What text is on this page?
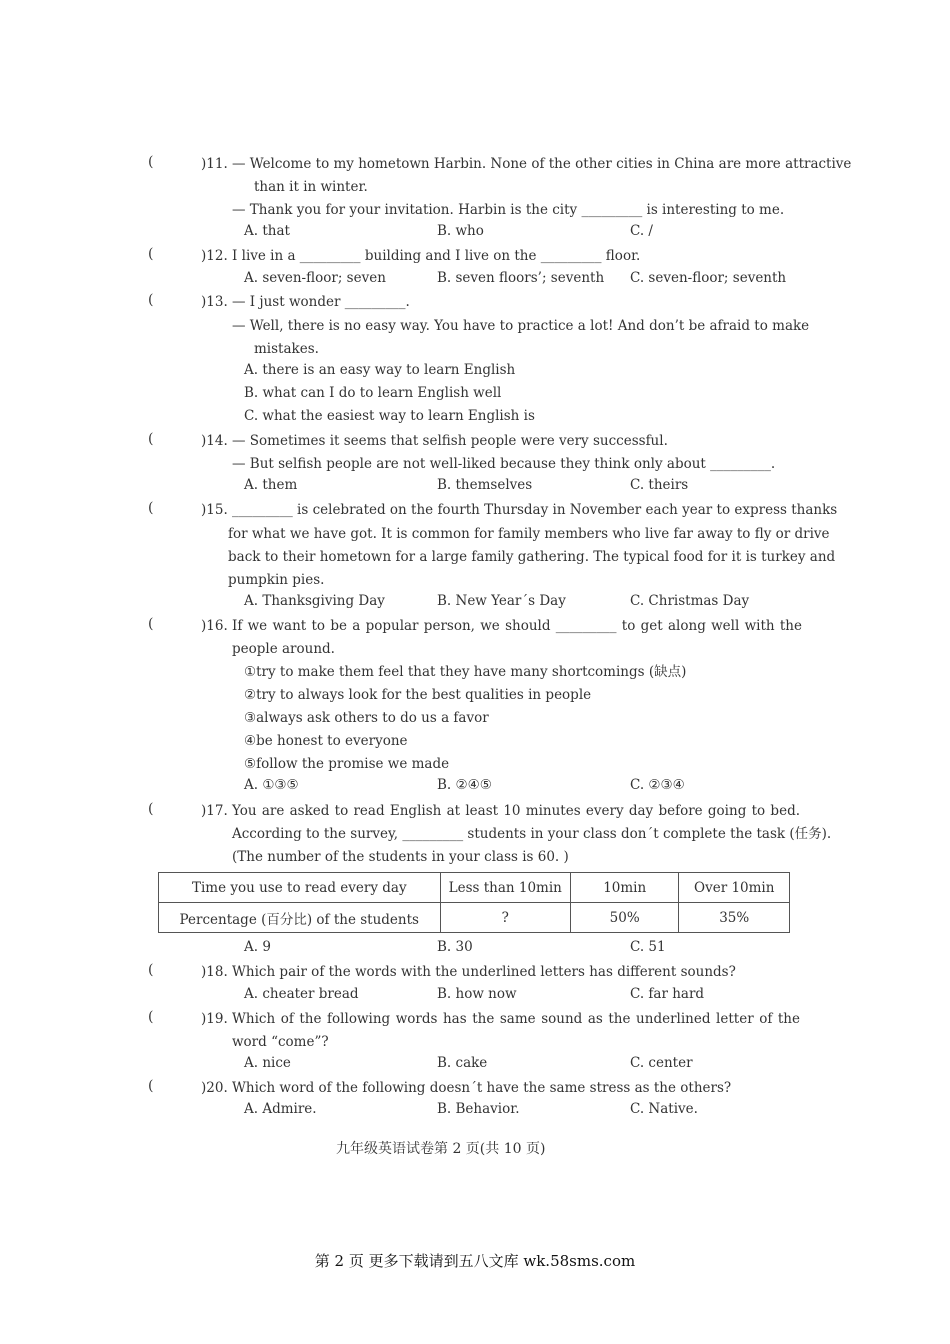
(	)11. — Welcome to my hometown Harbin. None of the other cities in China are more attractive
than it in winter.
— Thank you for your invitation. Harbin is the city _________ is interesting to me.
A. that	B. who	C. /
(	)12. I live in a _________ building and I live on the _________ floor.
A. seven-floor; seven	B. seven floors’; seventh C. seven-floor; seventh
(	)13. — I just wonder _________.
— Well, there is no easy way. You have to practice a lot! And don’t be afraid to make
mistakes.
A. there is an easy way to learn English
B. what can I do to learn English well
C. what the easiest way to learn English is
(	)14. — Sometimes it seems that selfish people were very successful.
— But selfish people are not well-liked because they think only about _________.
A. them	B. themselves	C. theirs
(	)15. _________ is celebrated on the fourth Thursday in November each year to express thanks
for what we have got. It is common for family members who live far away to fly or drive
back to their hometown for a large family gathering. The typical food for it is turkey and
pumpkin pies.
A. Thanksgiving Day	B. New Year´s Day	C. Christmas Day
(	)16. If we want to be a popular person, we should _________ to get along well with the
people around.
①try to make them feel that they have many shortcomings (缺点)
②try to always look for the best qualities in people
③always ask others to do us a favor
④be honest to everyone
⑤follow the promise we made
A. ①③⑤	B. ②④⑤	C. ②③④
(	)17. You are asked to read English at least 10 minutes every day before going to bed.
According to the survey, _________ students in your class don´t complete the task (任务).
(The number of the students in your class is 60. )
Time you use to read every day	Less than 10min	10min	Over 10min
Percentage (百分比) of the students	?	50%	35%
A. 9	B. 30	C. 51
(	)18. Which pair of the words with the underlined letters has different sounds?
A. cheater bread	B. how now	C. far hard
(	)19. Which of the following words has the same sound as the underlined letter of the
word “come”?
A. nice	B. cake	C. center
(	)20. Which word of the following doesn´t have the same stress as the others?
A. Admire.	B. Behavior.	C. Native.
九年级英语试卷第 2 页(共 10 页)
第 2 页 更多下载请到五八文库 wk.58sms.com
